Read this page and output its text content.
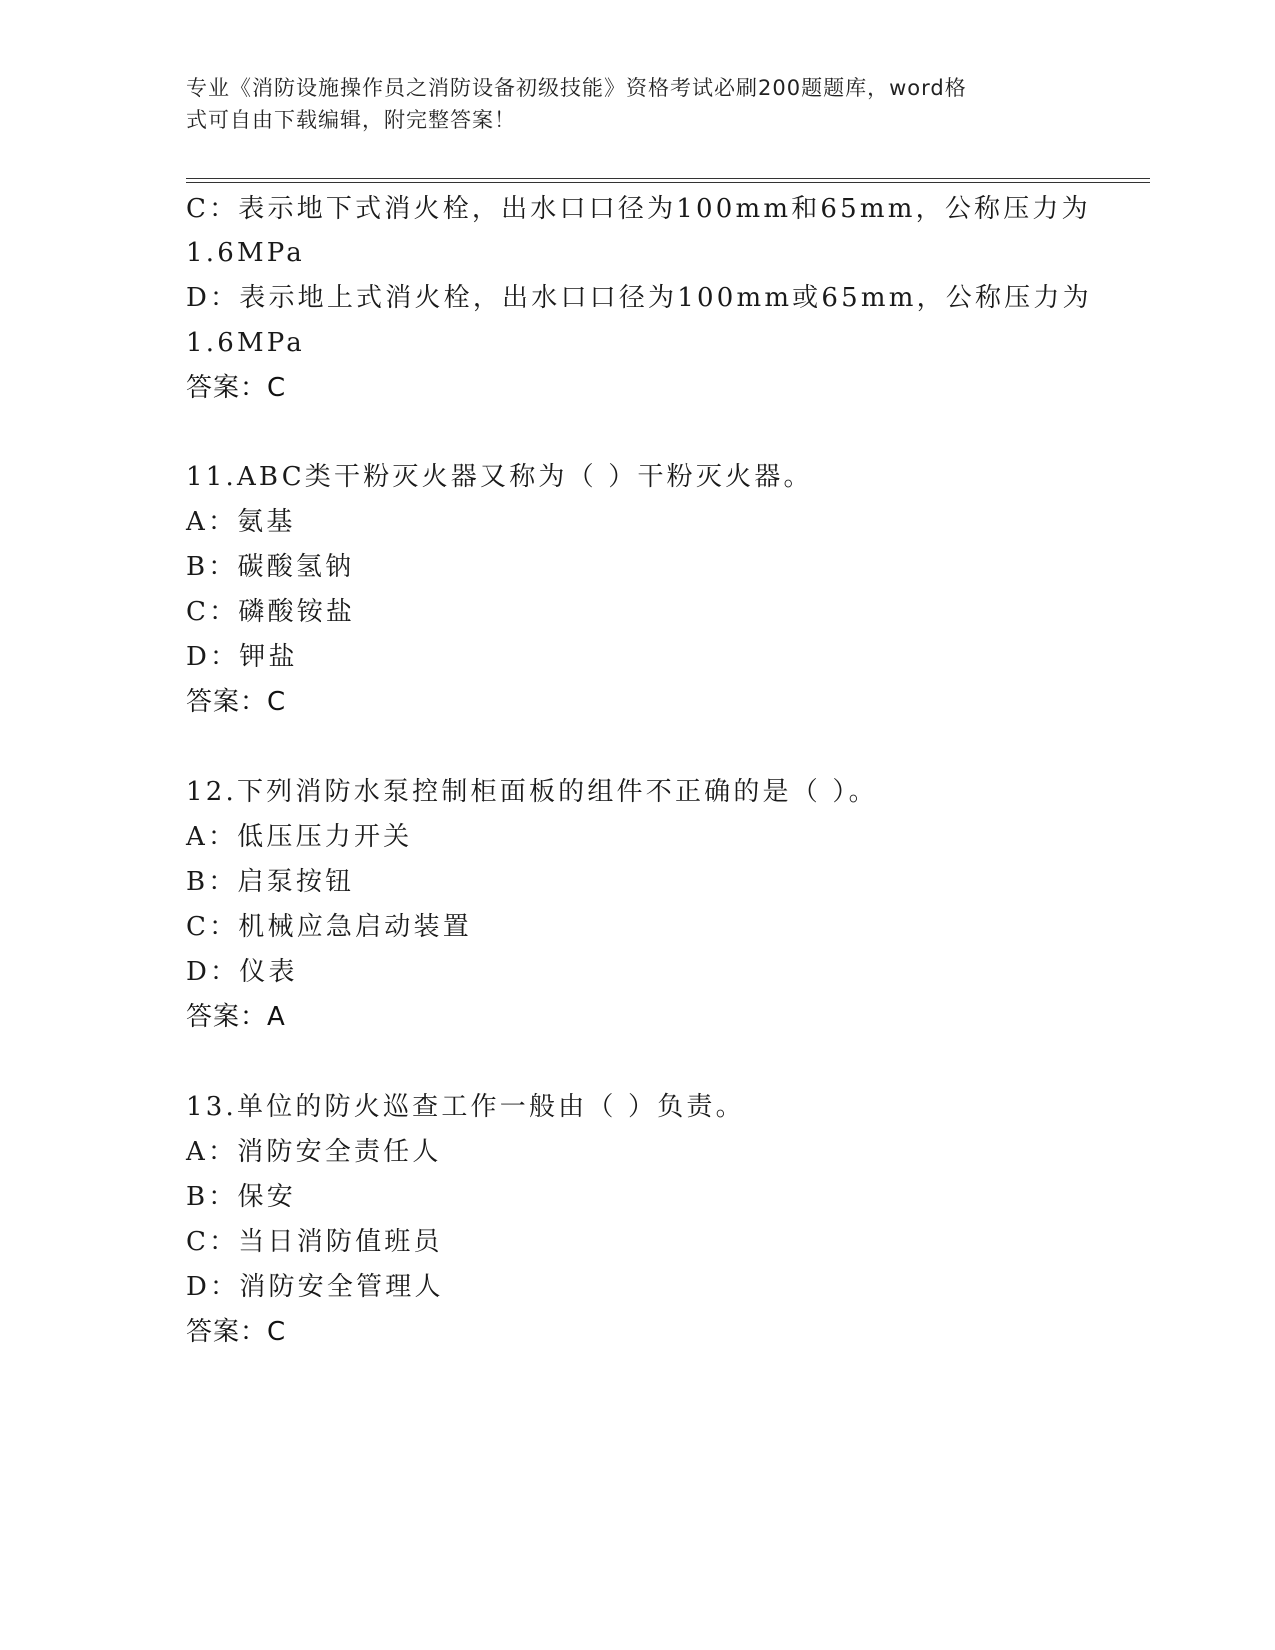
专业《消防设施操作员之消防设备初级技能》资格考试必刷200题题库，word格
式可自由下载编辑，附完整答案！
C：表示地下式消火栓，出水口口径为100mm和65mm，公称压力为
1.6MPa
D：表示地上式消火栓，出水口口径为100mm或65mm，公称压力为
1.6MPa
答案：C
11.ABC类干粉灭火器又称为（ ）干粉灭火器。
A：氨基
B：碳酸氢钠
C：磷酸铵盐
D：钾盐
答案：C
12.下列消防水泵控制柜面板的组件不正确的是（ ）。
A：低压压力开关
B：启泵按钮
C：机械应急启动装置
D：仪表
答案：A
13.单位的防火巡查工作一般由（ ）负责。
A：消防安全责任人
B：保安
C：当日消防值班员
D：消防安全管理人
答案：C
